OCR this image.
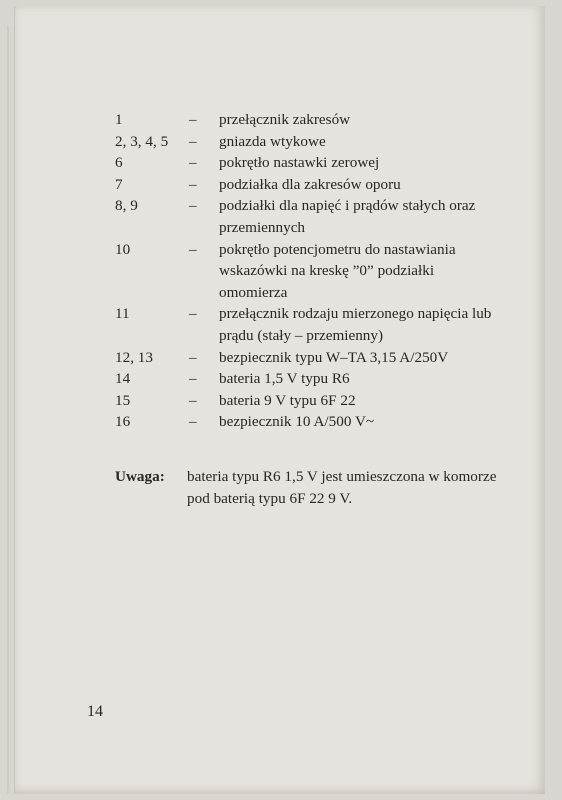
1	–	przełącznik zakresów
2, 3, 4, 5	–	gniazda wtykowe
6	–	pokrętło nastawki zerowej
7	–	podziałka dla zakresów oporu
8, 9	–	podziałki dla napięć i prądów stałych oraz przemiennych
10	–	pokrętło potencjometru do nastawiania wskazówki na kreskę ”0” podziałki omomierza
11	–	przełącznik rodzaju mierzonego napięcia lub prądu (stały – przemienny)
12, 13	–	bezpiecznik typu W–TA 3,15 A/250V
14	–	bateria 1,5 V typu R6
15	–	bateria 9 V typu 6F 22
16	–	bezpiecznik 10 A/500 V~
Uwaga:	bateria typu R6 1,5 V jest umieszczona w komorze pod baterią typu 6F 22 9 V.
14
